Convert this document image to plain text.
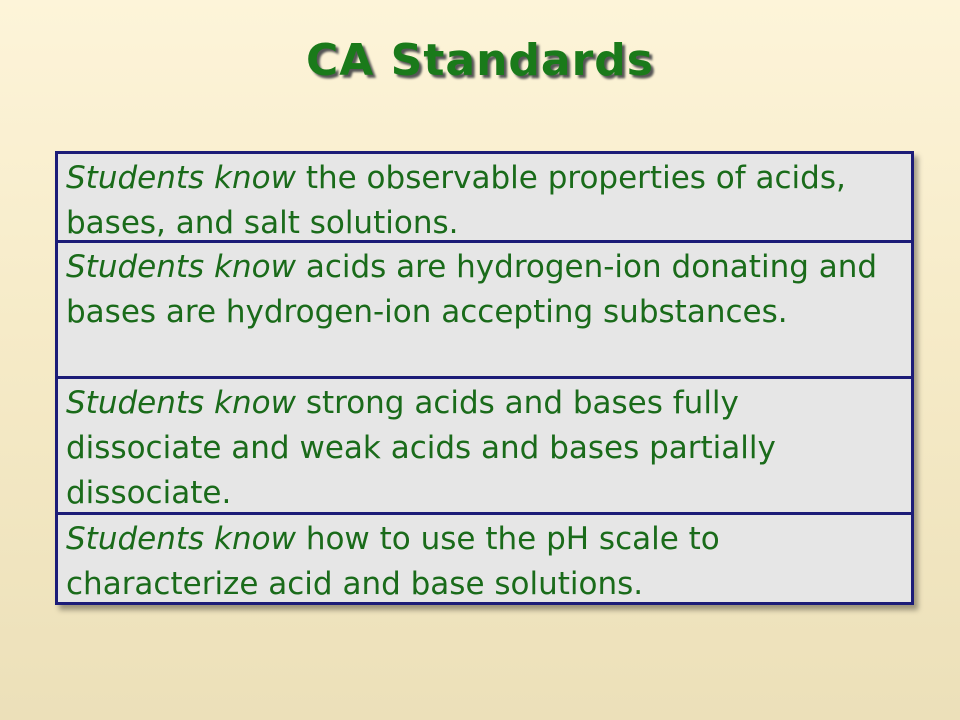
CA Standards
Students know the observable properties of acids, bases, and salt solutions.
Students know acids are hydrogen-ion donating and bases are hydrogen-ion accepting substances.
Students know strong acids and bases fully dissociate and weak acids and bases partially dissociate.
Students know how to use the pH scale to characterize acid and base solutions.
